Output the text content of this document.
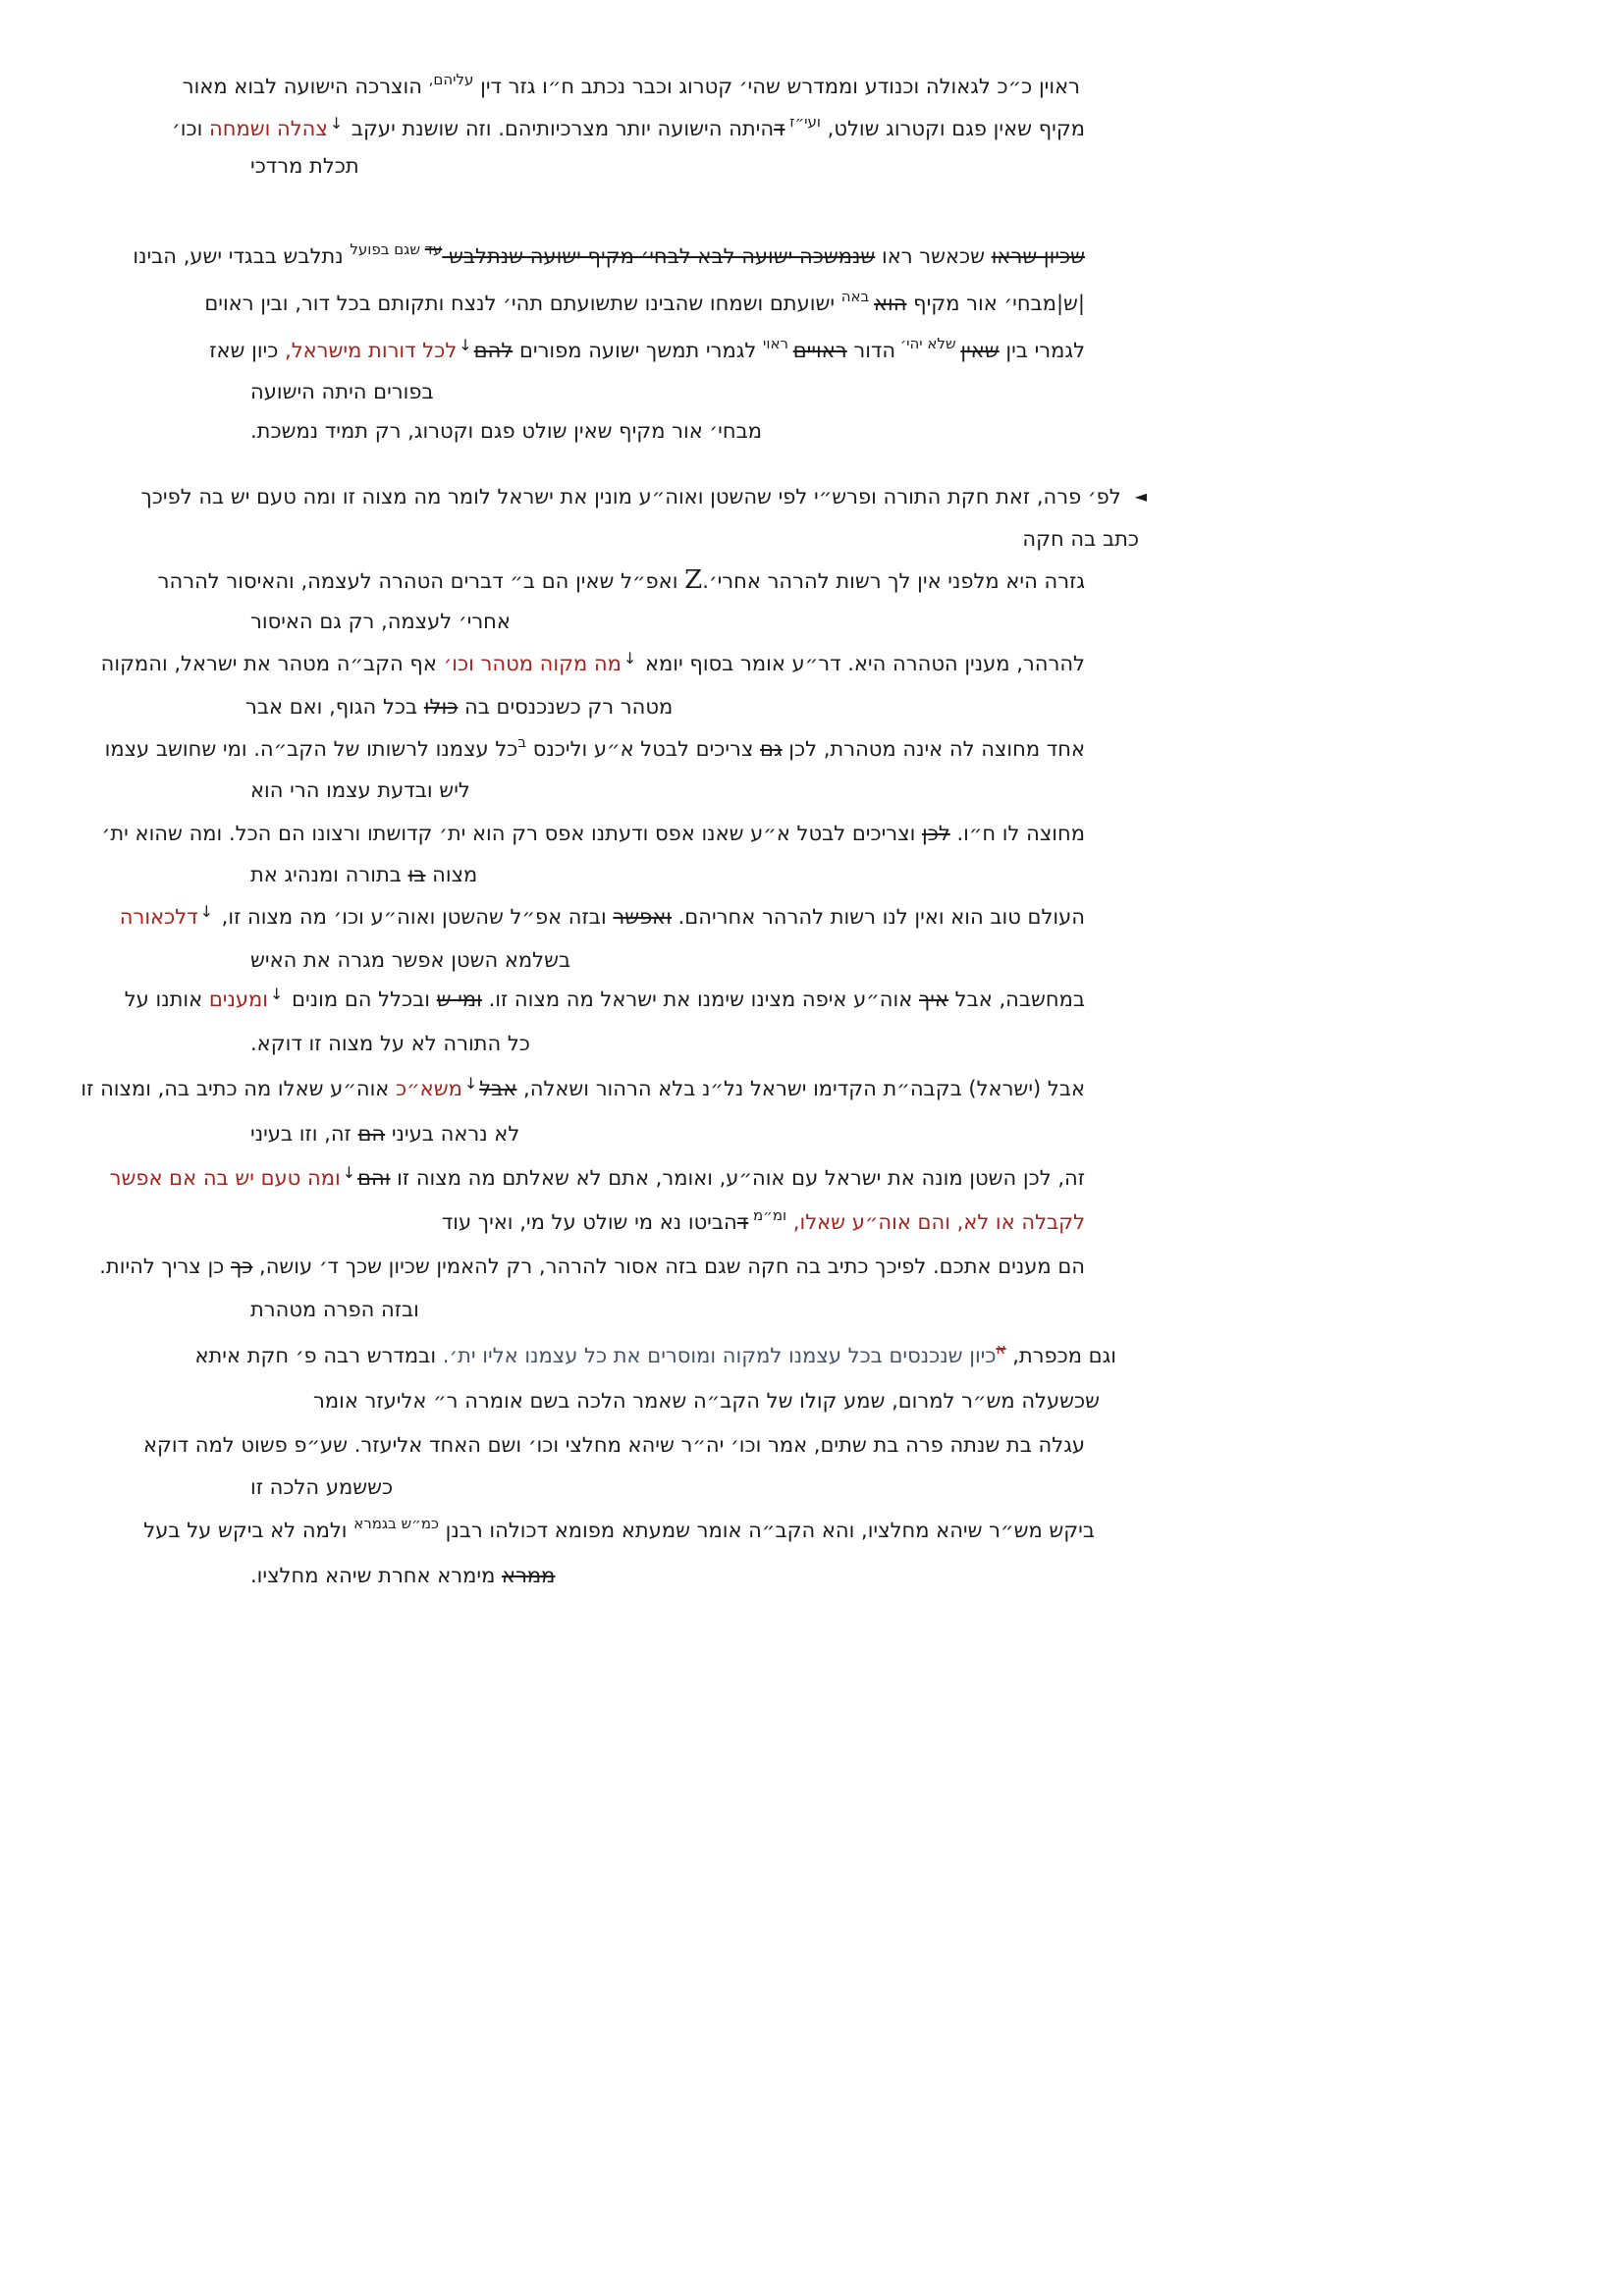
ראוין כ״כ לגאולה וכנודע וממדרש שהי׳ קטרוג וכבר נכתב ח״ו גזר דין $^{עליהם,}$ הוצרכה הישועה לבוא מאור
מקיף שאין פגם וקטרוג שולט, $^{ועי״ז}$ דהיתה הישועה יותר מצרכיותיהם. וזה שושנת יעקב ↓צהלה ושמחה וכו׳
תכלת מרדכי
שכיון שראו שכאשר ראו שנמשכה ישועה לבא לבחי׳ מקיף ישועה שנתלבש $^{עד}$ $^{שגם בפועל}$ נתלבש בבגדי ישע, הבינו
|ש|מבחי׳ אור מקיף הוא $^{באה}$ ישועתם ושמחו שהבינו שתשועתם תהי׳ לנצח ותקותם בכל דור, ובין ראוים
לגמרי בין שאין $^{שלא יהי׳}$ הדור ראויים $^{ראוי}$ לגמרי תמשך ישועה מפורים להם↓לכל דורות מישראל, כיון שאז
בפורים היתה הישועה
מבחי׳ אור מקיף שאין שולט פגם וקטרוג, רק תמיד נמשכת.
◄לפ׳ פרה, זאת חקת התורה ופרש״י לפי שהשטן ואוה״ע מונין את ישראל לומר מה מצוה זו ומה טעם יש בה לפיכך
כתב בה חקה
גזרה היא מלפני אין לך רשות להרהר אחרי׳.Z ואפ״ל שאין הם ב״ דברים הטהרה לעצמה, והאיסור להרהר
אחרי׳ לעצמה, רק גם האיסור
להרהר, מענין הטהרה היא. דר״ע אומר בסוף יומא ↓מה מקוה מטהר וכו׳ אף הקב״ה מטהר את ישראל, והמקוה
מטהר רק כשנכנסים בה כולו בכל הגוף, ואם אבר
אחד מחוצה לה אינה מטהרת, לכן גם צריכים לבטל א״ע וליכנס $^ב$כל עצמנו לרשותו של הקב״ה. ומי שחושב עצמו
ליש ובדעת עצמו הרי הוא
מחוצה לו ח״ו. לכן וצריכים לבטל א״ע שאנו אפס ודעתנו אפס רק הוא ית׳ קדושתו ורצונו הם הכל. ומה שהוא ית׳
מצוה בו בתורה ומנהיג את
העולם טוב הוא ואין לנו רשות להרהר אחריהם. ואפשר ובזה אפ״ל שהשטן ואוה״ע וכו׳ מה מצוה זו, ↓דלכאורה
בשלמא השטן אפשר מגרה את האיש
במחשבה, אבל איך אוה״ע איפה מצינו שימנו את ישראל מה מצוה זו. ומי ש ובכלל הם מונים ↓ומענים אותנו על
כל התורה לא על מצוה זו דוקא.
אבל (ישראל) בקבה״ת הקדימו ישראל נל״נ בלא הרהור ושאלה, אבל↓משא״כ אוה״ע שאלו מה כתיב בה, ומצוה זו
לא נראה בעיני הם זה, וזו בעיני
זה, לכן השטן מונה את ישראל עם אוה״ע, ואומר, אתם לא שאלתם מה מצוה זו והם↓ומה טעם יש בה אם אפשר
לקבלה או לא, והם אוה״ע שאלו, $^{ומ״מ}$ דהביטו נא מי שולט על מי, ואיך עוד
הם מענים אתכם. לפיכך כתיב בה חקה שגם בזה אסור להרהר, רק להאמין שכיון שכך ד׳ עושה, כך כן צריך להיות.
ובזה הפרה מטהרת
וגם מכפרת, $^א$כיון שנכנסים בכל עצמנו למקוה ומוסרים את כל עצמנו אליו ית׳. ובמדרש רבה פ׳ חקת איתא
שכשעלה מש״ר למרום, שמע קולו של הקב״ה שאמר הלכה בשם אומרה ר״ אליעזר אומר
עגלה בת שנתה פרה בת שתים, אמר וכו׳ יה״ר שיהא מחלצי וכו׳ ושם האחד אליעזר. שע״פ פשוט למה דוקא
כששמע הלכה זו
ביקש מש״ר שיהא מחלציו, והא הקב״ה אומר שמעתא מפומא דכולהו רבנן $^{כמ״ש בגמרא}$ ולמה לא ביקש על בעל
ממרא מימרא אחרת שיהא מחלציו.
